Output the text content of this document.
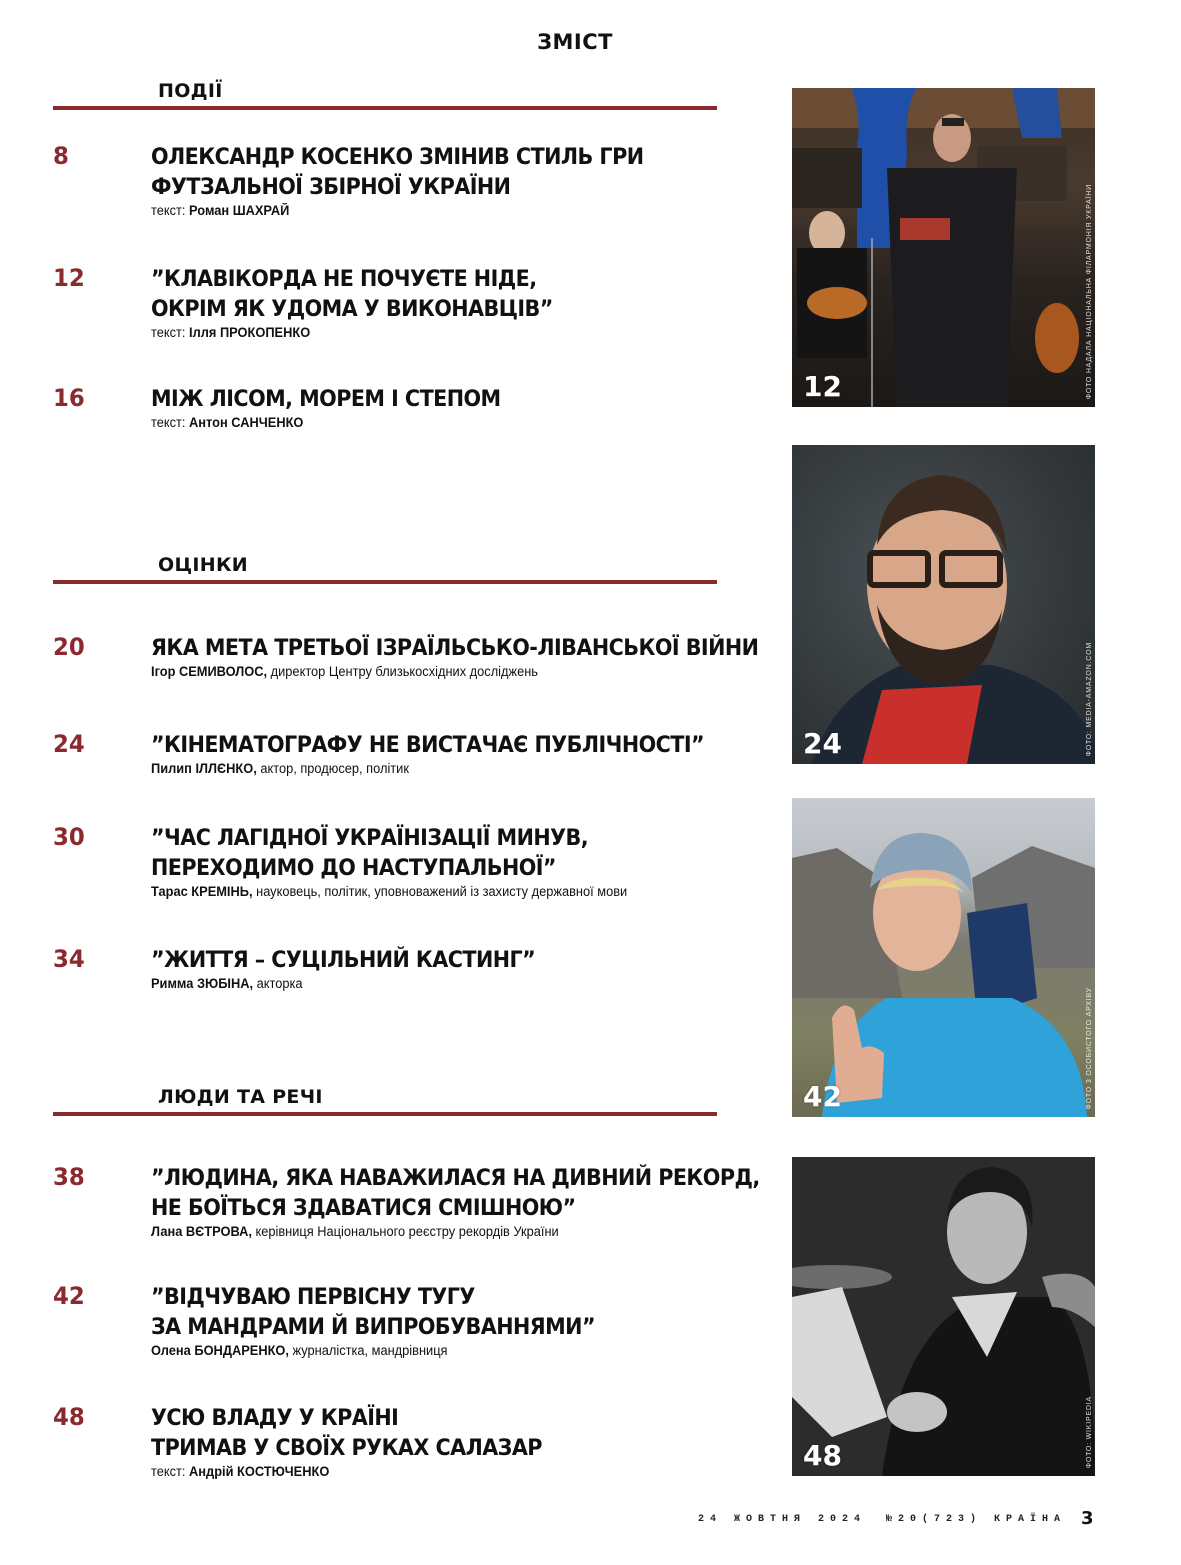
ЗМІСТ
ПОДІЇ
8	ОЛЕКСАНДР КОСЕНКО ЗМІНИВ СТИЛЬ ГРИ
ФУТЗАЛЬНОЇ ЗБІРНОЇ УКРАЇНИ
текст: Роман ШАХРАЙ
12	”КЛАВІКОРДА НЕ ПОЧУЄТЕ НІДЕ,
ОКРІМ ЯК УДОМА У ВИКОНАВЦІВ”
текст: Ілля ПРОКОПЕНКО
16	МІЖ ЛІСОМ, МОРЕМ І СТЕПОМ
текст: Антон САНЧЕНКО
ОЦІНКИ
20	ЯКА МЕТА ТРЕТЬОЇ ІЗРАЇЛЬСЬКО-ЛІВАНСЬКОЇ ВІЙНИ
Ігор СЕМИВОЛОС, директор Центру близькосхідних досліджень
24	”КІНЕМАТОГРАФУ НЕ ВИСТАЧАЄ ПУБЛІЧНОСТІ”
Пилип ІЛЛЄНКО, актор, продюсер, політик
30	”ЧАС ЛАГІДНОЇ УКРАЇНІЗАЦІЇ МИНУВ,
ПЕРЕХОДИМО ДО НАСТУПАЛЬНОЇ”
Тарас КРЕМІНЬ, науковець, політик, уповноважений із захисту державної мови
34	”ЖИТТЯ – СУЦІЛЬНИЙ КАСТИНГ”
Римма ЗЮБІНА, акторка
ЛЮДИ ТА РЕЧІ
38	”ЛЮДИНА, ЯКА НАВАЖИЛАСЯ НА ДИВНИЙ РЕКОРД,
НЕ БОЇТЬСЯ ЗДАВАТИСЯ СМІШНОЮ”
Лана ВЄТРОВА, керівниця Національного реєстру рекордів України
42	”ВІДЧУВАЮ ПЕРВІСНУ ТУГУ
ЗА МАНДРАМИ Й ВИПРОБУВАННЯМИ”
Олена БОНДАРЕНКО, журналістка, мандрівниця
48	УСЮ ВЛАДУ У КРАЇНІ
ТРИМАВ У СВОЇХ РУКАХ САЛАЗАР
текст: Андрій КОСТЮЧЕНКО
12	ФОТО НАДАЛА НАЦІОНАЛЬНА ФІЛАРМОНІЯ УКРАЇНИ
24	ФОТО: MEDIA-AMAZON.COM
42	ФОТО З ОСОБИСТОГО АРХІВУ
48	ФОТО: WIKIPEDIA
24 ЖОВТНЯ 2024 №20(723) КРАЇНА 3
